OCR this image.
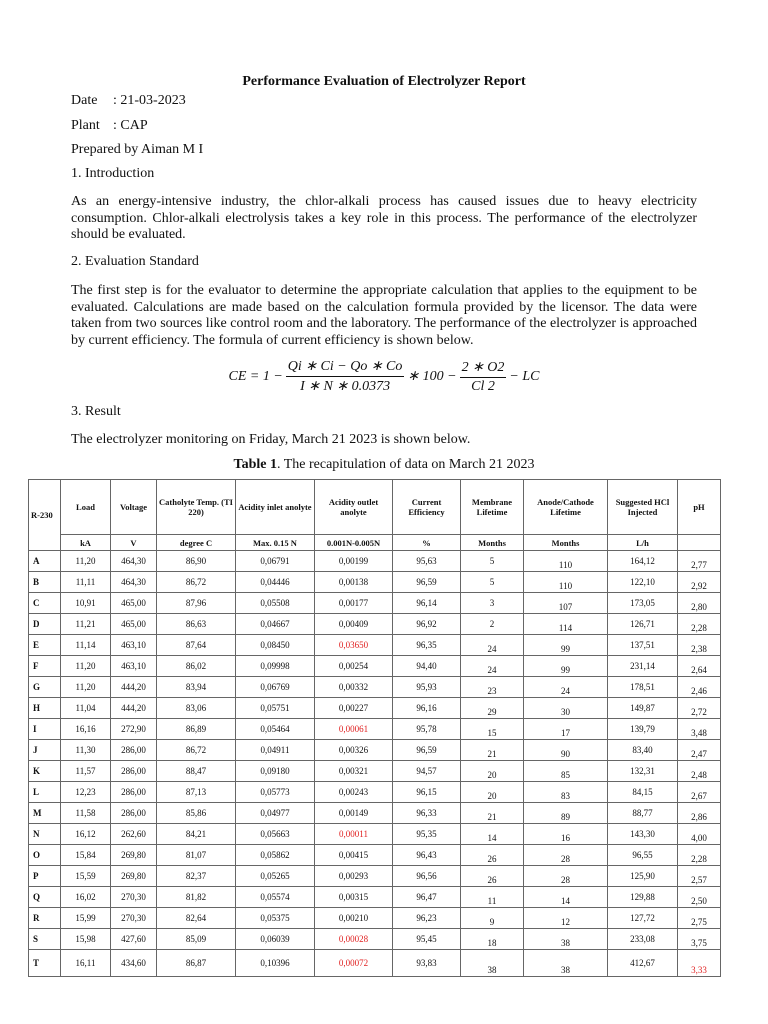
Performance Evaluation of Electrolyzer Report
Date : 21-03-2023
Plant : CAP
Prepared by Aiman M I
1. Introduction
As an energy-intensive industry, the chlor-alkali process has caused issues due to heavy electricity consumption. Chlor-alkali electrolysis takes a key role in this process. The performance of the electrolyzer should be evaluated.
2. Evaluation Standard
The first step is for the evaluator to determine the appropriate calculation that applies to the equipment to be evaluated. Calculations are made based on the calculation formula provided by the licensor. The data were taken from two sources like control room and the laboratory. The performance of the electrolyzer is approached by current efficiency. The formula of current efficiency is shown below.
CE = $1 - \frac{Qi ∗ Ci - Qo ∗ Co}{I ∗ N ∗ 0.0373}$ ∗ $100 - \frac{2 ∗ O2}{Cl 2}$ − LC
3. Result
The electrolyzer monitoring on Friday, March 21 2023 is shown below.
Table 1. The recapitulation of data on March 21 2023
R-230	Load	Voltage	Catholyte Temp. (TI 220)	Acidity inlet anolyte	Acidity outlet anolyte	Current Efficiency	Membrane Lifetime	Anode/Cathode Lifetime	Suggested HCl Injected	pH
	kA	V	degree C	Max. 0.15 N	0.001N-0.005N	%	Months	Months	L/h	
A	11,20	464,30	86,90	0,06791	0,00199	95,63	5	110	164,12	2,77
B	11,11	464,30	86,72	0,04446	0,00138	96,59	5	110	122,10	2,92
C	10,91	465,00	87,96	0,05508	0,00177	96,14	3	107	173,05	2,80
D	11,21	465,00	86,63	0,04667	0,00409	96,92	2	114	126,71	2,28
E	11,14	463,10	87,64	0,08450	0,03650	96,35	24	99	137,51	2,38
F	11,20	463,10	86,02	0,09998	0,00254	94,40	24	99	231,14	2,64
G	11,20	444,20	83,94	0,06769	0,00332	95,93	23	24	178,51	2,46
H	11,04	444,20	83,06	0,05751	0,00227	96,16	29	30	149,87	2,72
I	16,16	272,90	86,89	0,05464	0,00061	95,78	15	17	139,79	3,48
J	11,30	286,00	86,72	0,04911	0,00326	96,59	21	90	83,40	2,47
K	11,57	286,00	88,47	0,09180	0,00321	94,57	20	85	132,31	2,48
L	12,23	286,00	87,13	0,05773	0,00243	96,15	20	83	84,15	2,67
M	11,58	286,00	85,86	0,04977	0,00149	96,33	21	89	88,77	2,86
N	16,12	262,60	84,21	0,05663	0,00011	95,35	14	16	143,30	4,00
O	15,84	269,80	81,07	0,05862	0,00415	96,43	26	28	96,55	2,28
P	15,59	269,80	82,37	0,05265	0,00293	96,56	26	28	125,90	2,57
Q	16,02	270,30	81,82	0,05574	0,00315	96,47	11	14	129,88	2,50
R	15,99	270,30	82,64	0,05375	0,00210	96,23	9	12	127,72	2,75
S	15,98	427,60	85,09	0,06039	0,00028	95,45	18	38	233,08	3,75
T	16,11	434,60	86,87	0,10396	0,00072	93,83	38	38	412,67	3,33
